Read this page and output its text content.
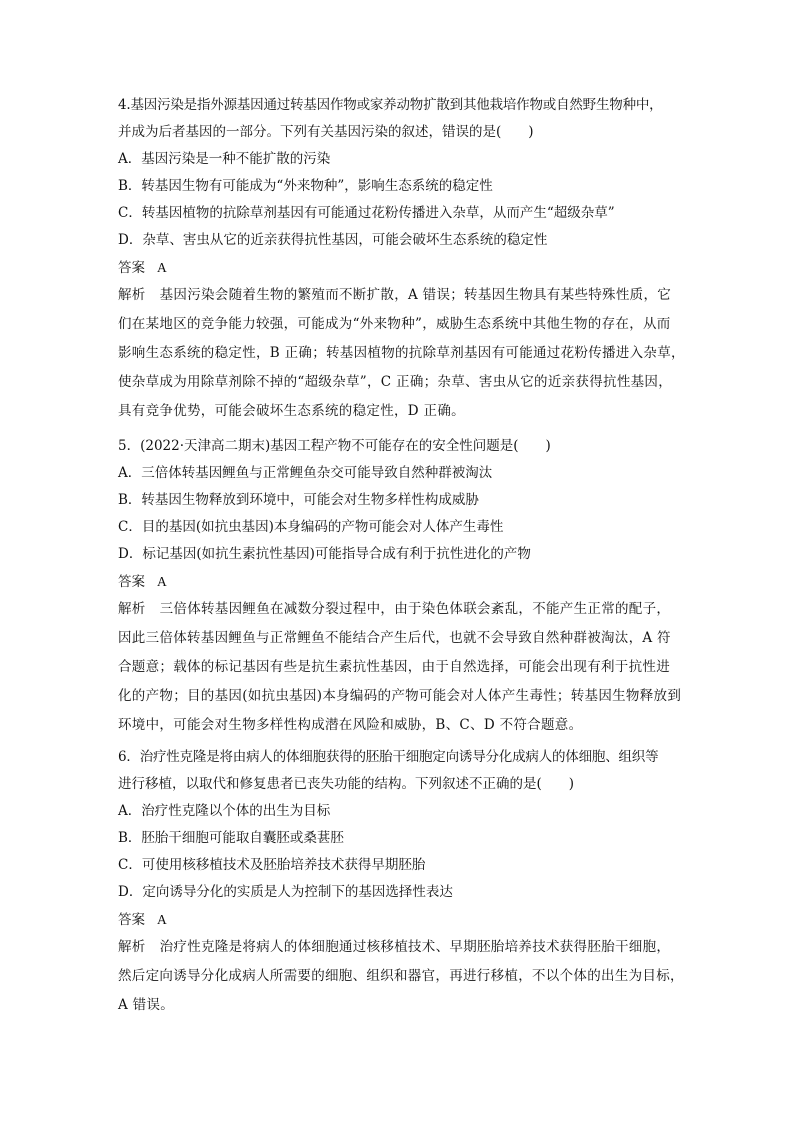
4.基因污染是指外源基因通过转基因作物或家养动物扩散到其他栽培作物或自然野生物种中，
并成为后者基因的一部分。下列有关基因污染的叙述，错误的是(　　)
A．基因污染是一种不能扩散的污染
B．转基因生物有可能成为“外来物种”，影响生态系统的稳定性
C．转基因植物的抗除草剂基因有可能通过花粉传播进入杂草，从而产生“超级杂草”
D．杂草、害虫从它的近亲获得抗性基因，可能会破坏生态系统的稳定性
答案 A
解析 基因污染会随着生物的繁殖而不断扩散，A 错误；转基因生物具有某些特殊性质，它
们在某地区的竞争能力较强，可能成为“外来物种”，威胁生态系统中其他生物的存在，从而
影响生态系统的稳定性，B 正确；转基因植物的抗除草剂基因有可能通过花粉传播进入杂草，
使杂草成为用除草剂除不掉的“超级杂草”，C 正确；杂草、害虫从它的近亲获得抗性基因，
具有竞争优势，可能会破坏生态系统的稳定性，D 正确。
5．(2022·天津高二期末)基因工程产物不可能存在的安全性问题是(　　)
A．三倍体转基因鲤鱼与正常鲤鱼杂交可能导致自然种群被淘汰
B．转基因生物释放到环境中，可能会对生物多样性构成威胁
C．目的基因(如抗虫基因)本身编码的产物可能会对人体产生毒性
D．标记基因(如抗生素抗性基因)可能指导合成有利于抗性进化的产物
答案 A
解析 三倍体转基因鲤鱼在减数分裂过程中，由于染色体联会紊乱，不能产生正常的配子，
因此三倍体转基因鲤鱼与正常鲤鱼不能结合产生后代，也就不会导致自然种群被淘汰，A 符
合题意；载体的标记基因有些是抗生素抗性基因，由于自然选择，可能会出现有利于抗性进
化的产物；目的基因(如抗虫基因)本身编码的产物可能会对人体产生毒性；转基因生物释放到
环境中，可能会对生物多样性构成潜在风险和威胁，B、C、D 不符合题意。
6．治疗性克隆是将由病人的体细胞获得的胚胎干细胞定向诱导分化成病人的体细胞、组织等
进行移植，以取代和修复患者已丧失功能的结构。下列叙述不正确的是(　　)
A．治疗性克隆以个体的出生为目标
B．胚胎干细胞可能取自囊胚或桑葚胚
C．可使用核移植技术及胚胎培养技术获得早期胚胎
D．定向诱导分化的实质是人为控制下的基因选择性表达
答案 A
解析 治疗性克隆是将病人的体细胞通过核移植技术、早期胚胎培养技术获得胚胎干细胞，
然后定向诱导分化成病人所需要的细胞、组织和器官，再进行移植，不以个体的出生为目标，
A 错误。
